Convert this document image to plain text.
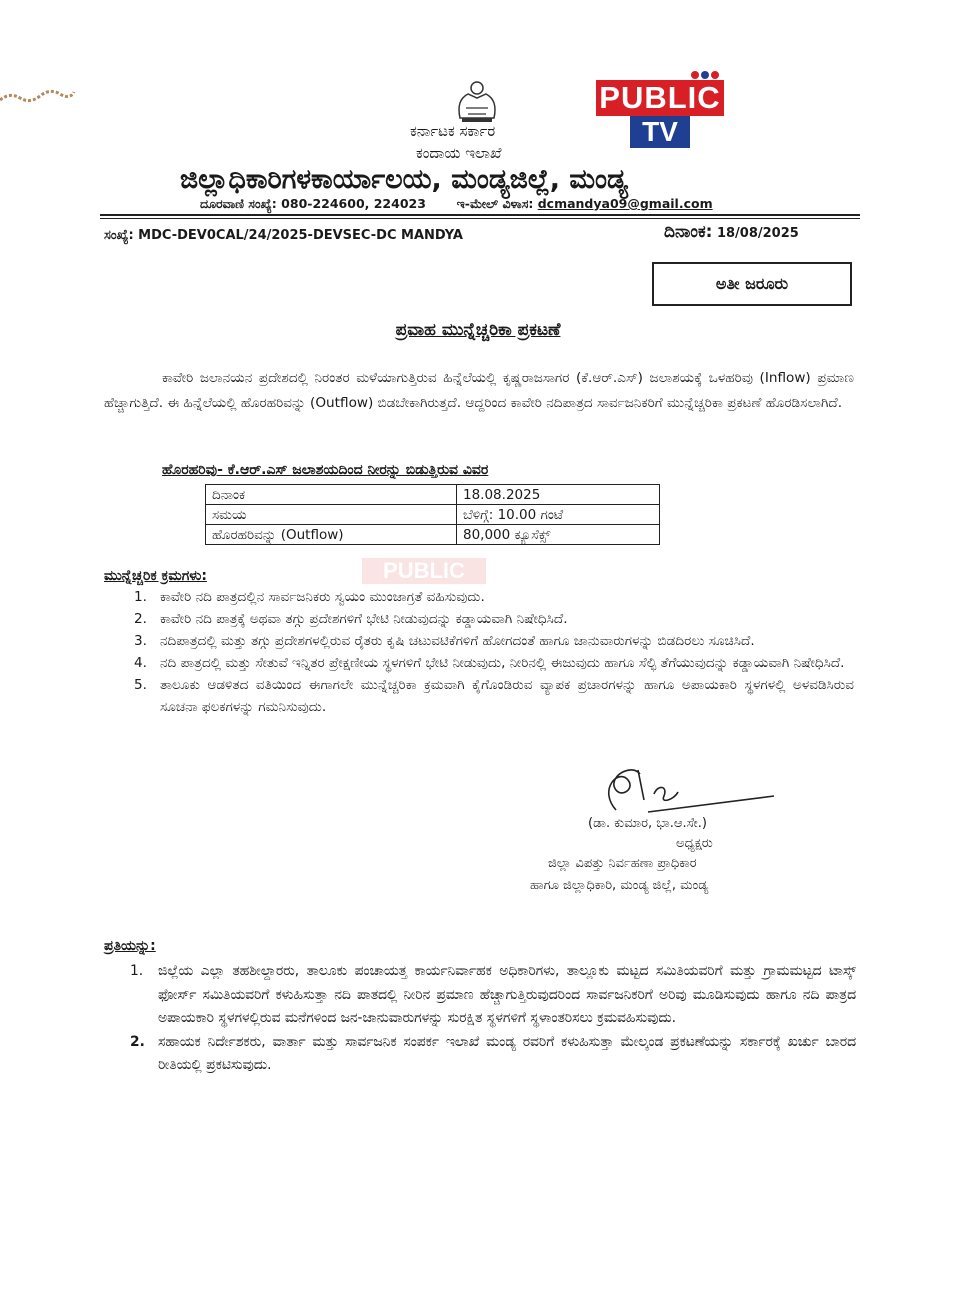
PUBLIC
TV
ಕರ್ನಾಟಕ ಸರ್ಕಾರ
ಕಂದಾಯ ಇಲಾಖೆ
ಜಿಲ್ಲಾಧಿಕಾರಿಗಳಕಾರ್ಯಾಲಯ, ಮಂಡ್ಯಜಿಲ್ಲೆ, ಮಂಡ್ಯ
ದೂರವಾಣಿ ಸಂಖ್ಯೆ: 080-224600, 224023 ಇ-ಮೇಲ್ ವಿಳಾಸ: dcmandya09@gmail.com
ಸಂಖ್ಯೆ: MDC-DEV0CAL/24/2025-DEVSEC-DC MANDYA	ದಿನಾಂಕ: 18/08/2025
ಅತೀ ಜರೂರು
ಪ್ರವಾಹ ಮುನ್ನೆಚ್ಚರಿಕಾ ಪ್ರಕಟಣೆ

ಕಾವೇರಿ ಜಲಾನಯನ ಪ್ರದೇಶದಲ್ಲಿ ನಿರಂತರ ಮಳೆಯಾಗುತ್ತಿರುವ ಹಿನ್ನೆಲೆಯಲ್ಲಿ ಕೃಷ್ಣರಾಜಸಾಗರ (ಕೆ.ಆರ್.ಎಸ್) ಜಲಾಶಯಕ್ಕೆ ಒಳಹರಿವು (Inflow) ಪ್ರಮಾಣ ಹೆಚ್ಚಾಗುತ್ತಿದೆ. ಈ ಹಿನ್ನೆಲೆಯಲ್ಲಿ ಹೊರಹರಿವನ್ನು (Outflow) ಬಿಡಬೇಕಾಗಿರುತ್ತದೆ. ಆದ್ದರಿಂದ ಕಾವೇರಿ ನದಿಪಾತ್ರದ ಸಾರ್ವಜನಿಕರಿಗೆ ಮುನ್ನೆಚ್ಚರಿಕಾ ಪ್ರಕಟಣೆ ಹೊರಡಿಸಲಾಗಿದೆ.

ಹೊರಹರಿವು- ಕೆ.ಆರ್.ಎಸ್ ಜಲಾಶಯದಿಂದ ನೀರನ್ನು ಬಿಡುತ್ತಿರುವ ವಿವರ
ದಿನಾಂಕ	18.08.2025
ಸಮಯ	ಬೆಳಿಗ್ಗೆ: 10.00 ಗಂಟೆ
ಹೊರಹರಿವನ್ನು (Outflow)	80,000 ಕ್ಯೂಸೆಕ್ಸ್
PUBLIC
ಮುನ್ನೆಚ್ಚರಿಕ ಕ್ರಮಗಳು:
1. ಕಾವೇರಿ ನದಿ ಪಾತ್ರದಲ್ಲಿನ ಸಾರ್ವಜನಿಕರು ಸ್ವಯಂ ಮುಂಜಾಗ್ರತೆ ವಹಿಸುವುದು.
2. ಕಾವೇರಿ ನದಿ ಪಾತ್ರಕ್ಕೆ ಅಥವಾ ತಗ್ಗು ಪ್ರದೇಶಗಳಿಗೆ ಭೇಟಿ ನೀಡುವುದನ್ನು ಕಡ್ಡಾಯವಾಗಿ ನಿಷೇಧಿಸಿದೆ.
3. ನದಿಪಾತ್ರದಲ್ಲಿ ಮತ್ತು ತಗ್ಗು ಪ್ರದೇಶಗಳಲ್ಲಿರುವ ರೈತರು ಕೃಷಿ ಚಟುವಟಿಕೆಗಳಿಗೆ ಹೋಗದಂತೆ ಹಾಗೂ ಜಾನುವಾರುಗಳನ್ನು ಬಿಡದಿರಲು ಸೂಚಿಸಿದೆ.
4. ನದಿ ಪಾತ್ರದಲ್ಲಿ ಮತ್ತು ಸೇತುವೆ ಇನ್ನಿತರ ಪ್ರೇಕ್ಷಣೀಯ ಸ್ಥಳಗಳಿಗೆ ಭೇಟಿ ನೀಡುವುದು, ನೀರಿನಲ್ಲಿ ಈಜುವುದು ಹಾಗೂ ಸೆಲ್ಫಿ ತೆಗೆಯುವುದನ್ನು ಕಡ್ಡಾಯವಾಗಿ ನಿಷೇಧಿಸಿದೆ.
5. ತಾಲೂಕು ಆಡಳಿತದ ವತಿಯಿಂದ ಈಗಾಗಲೇ ಮುನ್ನೆಚ್ಚರಿಕಾ ಕ್ರಮವಾಗಿ ಕೈಗೊಂಡಿರುವ ವ್ಯಾಪಕ ಪ್ರಚಾರಗಳನ್ನು ಹಾಗೂ ಅಪಾಯಕಾರಿ ಸ್ಥಳಗಳಲ್ಲಿ ಅಳವಡಿಸಿರುವ ಸೂಚನಾ ಫಲಕಗಳನ್ನು ಗಮನಿಸುವುದು.
(ಡಾ. ಕುಮಾರ, ಭಾ.ಆ.ಸೇ.)
ಅಧ್ಯಕ್ಷರು
ಜಿಲ್ಲಾ ವಿಪತ್ತು ನಿರ್ವಹಣಾ ಪ್ರಾಧಿಕಾರ
ಹಾಗೂ ಜಿಲ್ಲಾಧಿಕಾರಿ, ಮಂಡ್ಯ ಜಿಲ್ಲೆ, ಮಂಡ್ಯ
ಪ್ರತಿಯನ್ನು:
1. ಜಿಲ್ಲೆಯ ಎಲ್ಲಾ ತಹಶೀಲ್ದಾರರು, ತಾಲೂಕು ಪಂಚಾಯತ್ತ ಕಾರ್ಯನಿರ್ವಾಹಕ ಅಧಿಕಾರಿಗಳು, ತಾಲ್ಲೂಕು ಮಟ್ಟದ ಸಮಿತಿಯವರಿಗೆ ಮತ್ತು ಗ್ರಾಮಮಟ್ಟದ ಟಾಸ್ಕ್ ಫೋರ್ಸ್ ಸಮಿತಿಯವರಿಗೆ ಕಳುಹಿಸುತ್ತಾ ನದಿ ಪಾತದಲ್ಲಿ ನೀರಿನ ಪ್ರಮಾಣ ಹೆಚ್ಚಾಗುತ್ತಿರುವುದರಿಂದ ಸಾರ್ವಜನಿಕರಿಗೆ ಅರಿವು ಮೂಡಿಸುವುದು ಹಾಗೂ ನದಿ ಪಾತ್ರದ ಅಪಾಯಕಾರಿ ಸ್ಥಳಗಳಲ್ಲಿರುವ ಮನೆಗಳಿಂದ ಜನ-ಜಾನುವಾರುಗಳನ್ನು ಸುರಕ್ಷಿತ ಸ್ಥಳಗಳಿಗೆ ಸ್ಥಳಾಂತರಿಸಲು ಕ್ರಮವಹಿಸುವುದು.
2. ಸಹಾಯಕ ನಿರ್ದೇಶಕರು, ವಾರ್ತಾ ಮತ್ತು ಸಾರ್ವಜನಿಕ ಸಂಪರ್ಕ ಇಲಾಖೆ ಮಂಡ್ಯ ರವರಿಗೆ ಕಳುಹಿಸುತ್ತಾ ಮೇಲ್ಕಂಡ ಪ್ರಕಟಣೆಯನ್ನು ಸರ್ಕಾರಕ್ಕೆ ಖರ್ಚು ಬಾರದ ರೀತಿಯಲ್ಲಿ ಪ್ರಕಟಿಸುವುದು.
